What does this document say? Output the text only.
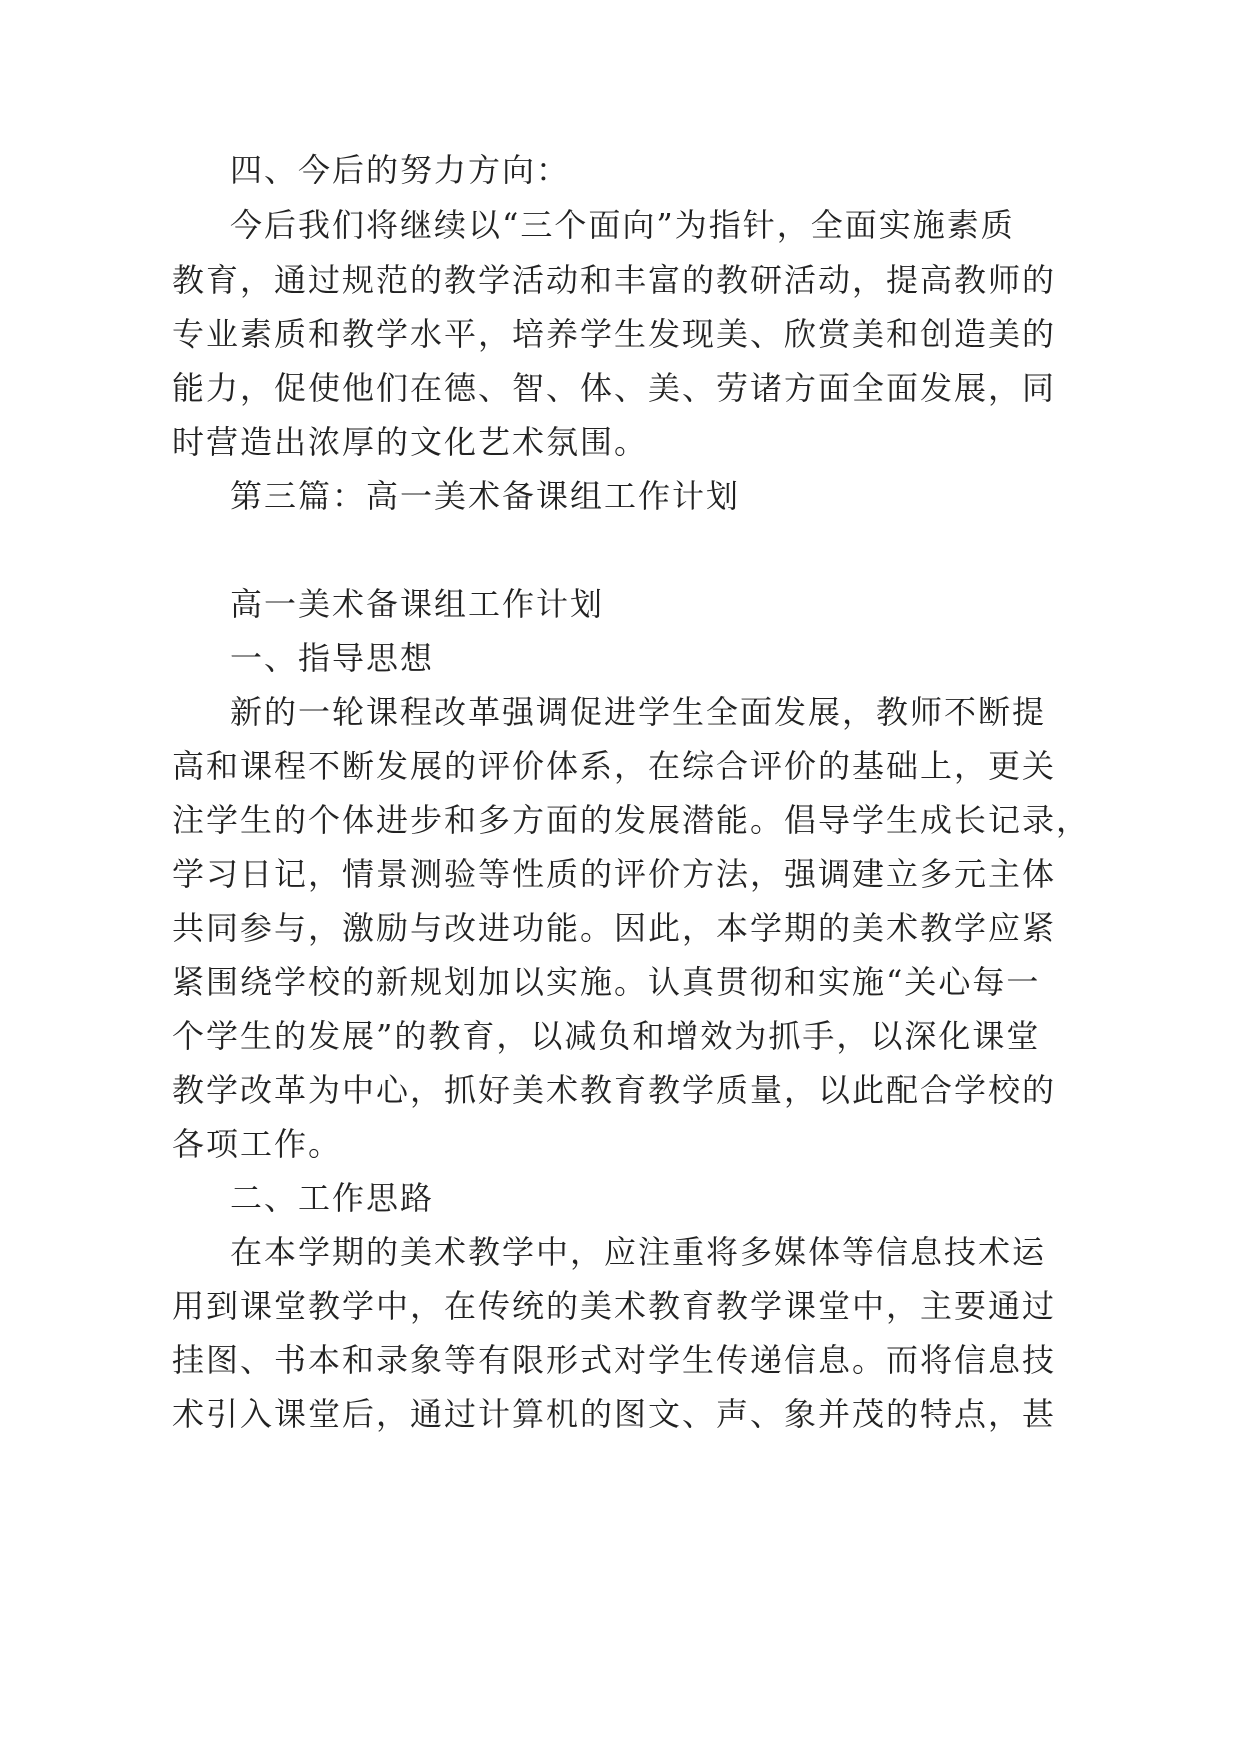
四、今后的努力方向：
今后我们将继续以“三个面向”为指针，全面实施素质
教育，通过规范的教学活动和丰富的教研活动，提高教师的
专业素质和教学水平，培养学生发现美、欣赏美和创造美的
能力，促使他们在德、智、体、美、劳诸方面全面发展，同
时营造出浓厚的文化艺术氛围。
第三篇：高一美术备课组工作计划
高一美术备课组工作计划
一、指导思想
新的一轮课程改革强调促进学生全面发展，教师不断提
高和课程不断发展的评价体系，在综合评价的基础上，更关
注学生的个体进步和多方面的发展潜能。倡导学生成长记录，
学习日记，情景测验等性质的评价方法，强调建立多元主体
共同参与，激励与改进功能。因此，本学期的美术教学应紧
紧围绕学校的新规划加以实施。认真贯彻和实施“关心每一
个学生的发展”的教育，以减负和增效为抓手，以深化课堂
教学改革为中心，抓好美术教育教学质量，以此配合学校的
各项工作。
二、工作思路
在本学期的美术教学中，应注重将多媒体等信息技术运
用到课堂教学中，在传统的美术教育教学课堂中，主要通过
挂图、书本和录象等有限形式对学生传递信息。而将信息技
术引入课堂后，通过计算机的图文、声、象并茂的特点，甚
